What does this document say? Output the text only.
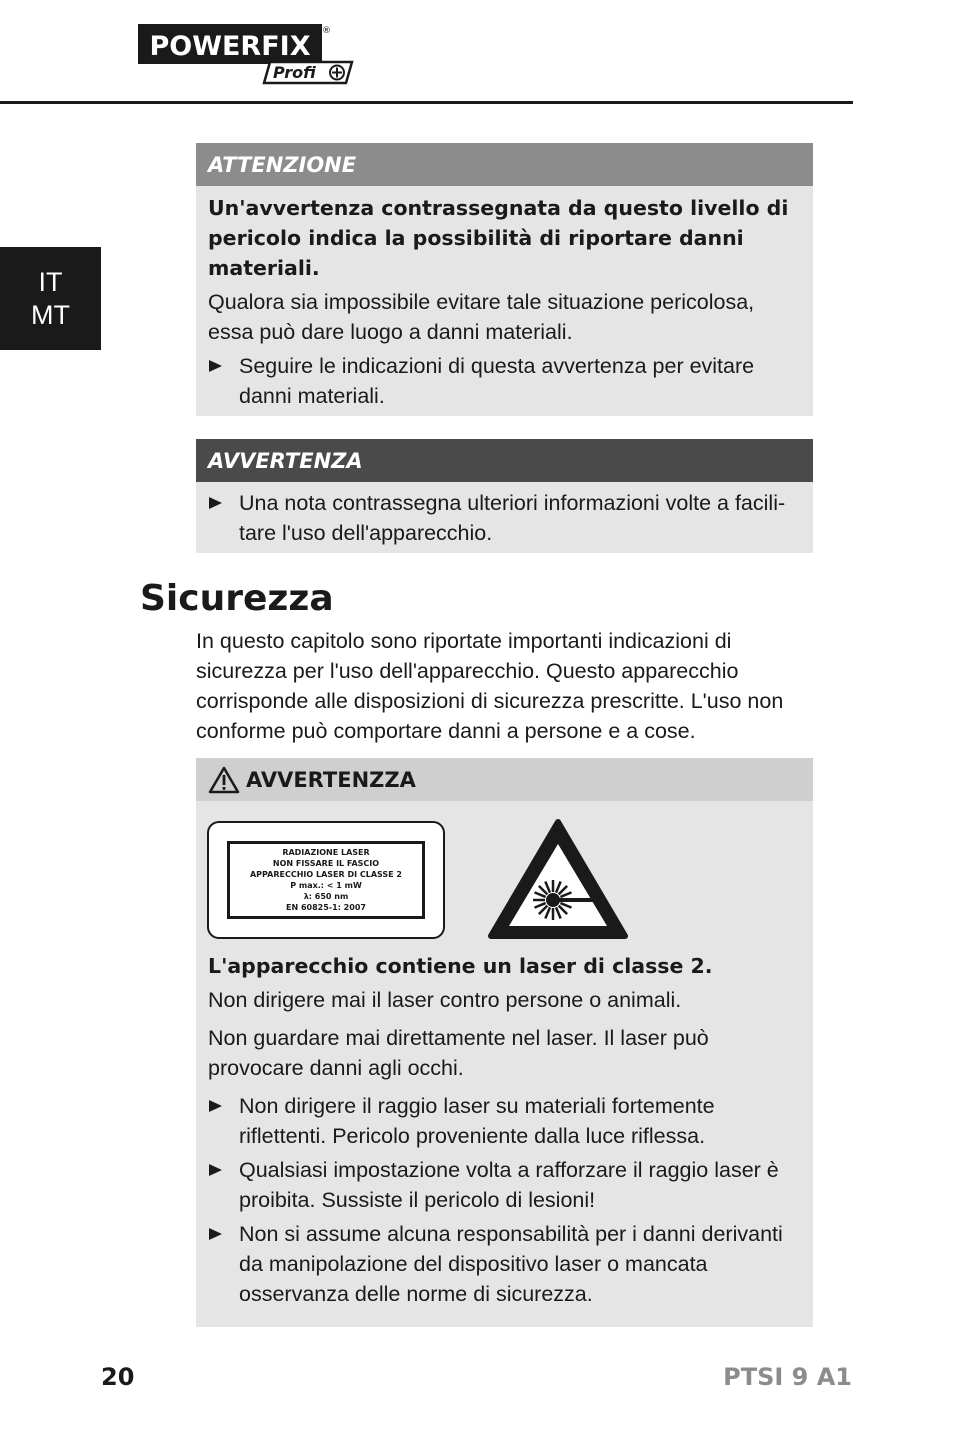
POWERFIX ®
Profi
IT
MT
ATTENZIONE

Un'avvertenza contrassegnata da questo livello di pericolo indica la possibilità di riportare danni materiali.

Qualora sia impossibile evitare tale situazione pericolosa, essa può dare luogo a danni materiali.

Seguire le indicazioni di questa avvertenza per evitare danni materiali.

AVVERTENZA

Una nota contrassegna ulteriori informazioni volte a facili-tare l'uso dell'apparecchio.

Sicurezza

In questo capitolo sono riportate importanti indicazioni di sicurezza per l'uso dell'apparecchio. Questo apparecchio corrisponde alle disposizioni di sicurezza prescritte. L'uso non conforme può comportare danni a persone e a cose.

AVVERTENZZA

L'apparecchio contiene un laser di classe 2.

Non dirigere mai il laser contro persone o animali.

Non guardare mai direttamente nel laser. Il laser può provocare danni agli occhi.

Non dirigere il raggio laser su materiali fortemente riflettenti. Pericolo proveniente dalla luce riflessa.

Qualsiasi impostazione volta a rafforzare il raggio laser è proibita. Sussiste il pericolo di lesioni!

Non si assume alcuna responsabilità per i danni derivanti da manipolazione del dispositivo laser o mancata osservanza delle norme di sicurezza.

RADIAZIONE LASER
NON FISSARE IL FASCIO
APPARECCHIO LASER DI CLASSE 2
P max.: < 1 mW
λ: 650 nm
EN 60825-1: 2007
20	PTSI 9 A1
